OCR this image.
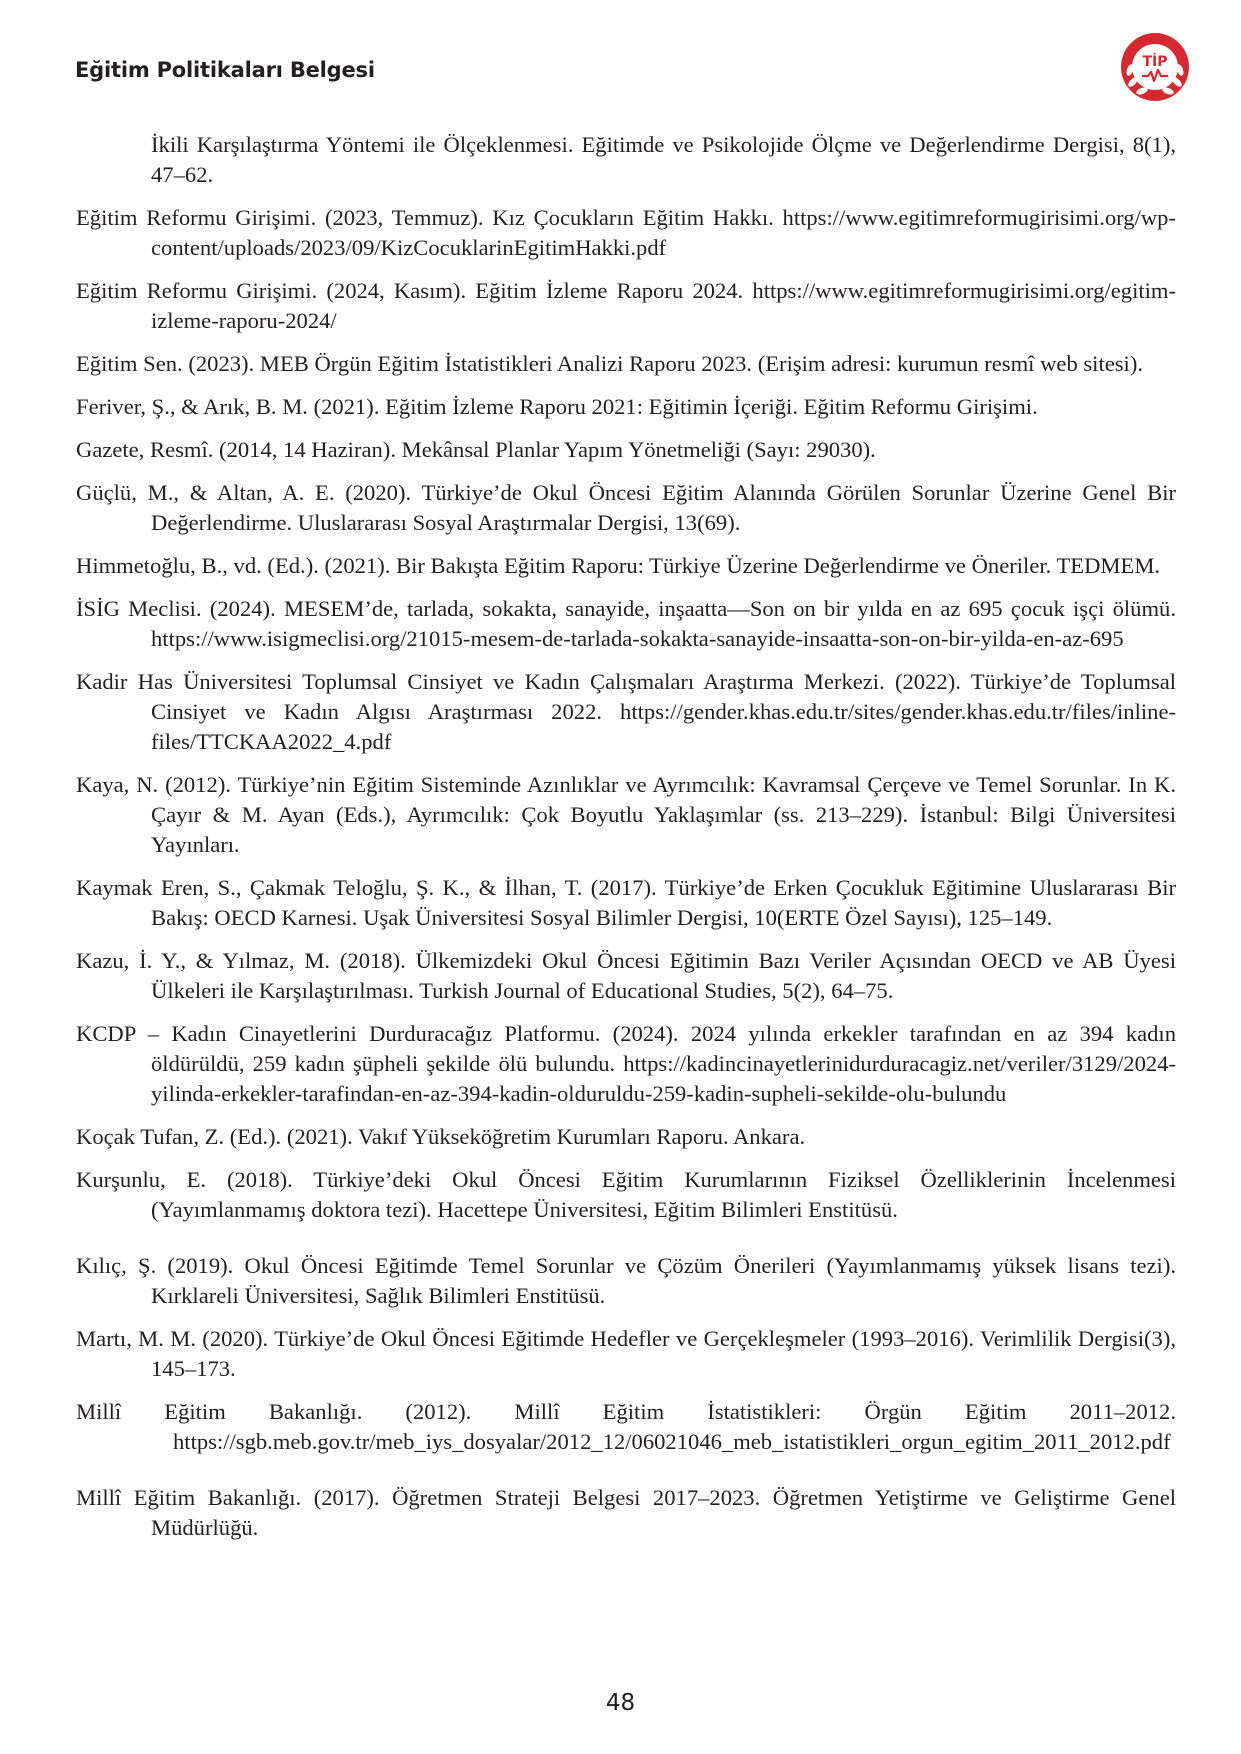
Eğitim Politikaları Belgesi	TİP

İkili Karşılaştırma Yöntemi ile Ölçeklenmesi. Eğitimde ve Psikolojide Ölçme ve Değerlendirme Dergisi, 8(1), 47–62.

Eğitim Reformu Girişimi. (2023, Temmuz). Kız Çocukların Eğitim Hakkı. https://www.egitimreformugirisimi.org/wp-content/uploads/2023/09/KizCocuklarinEgitimHakki.pdf

Eğitim Reformu Girişimi. (2024, Kasım). Eğitim İzleme Raporu 2024. https://www.egitimreformugirisimi.org/egitim-izleme-raporu-2024/

Eğitim Sen. (2023). MEB Örgün Eğitim İstatistikleri Analizi Raporu 2023. (Erişim adresi: kurumun resmî web sitesi).

Feriver, Ş., & Arık, B. M. (2021). Eğitim İzleme Raporu 2021: Eğitimin İçeriği. Eğitim Reformu Girişimi.

Gazete, Resmî. (2014, 14 Haziran). Mekânsal Planlar Yapım Yönetmeliği (Sayı: 29030).

Güçlü, M., & Altan, A. E. (2020). Türkiye’de Okul Öncesi Eğitim Alanında Görülen Sorunlar Üzerine Genel Bir Değerlendirme. Uluslararası Sosyal Araştırmalar Dergisi, 13(69).

Himmetoğlu, B., vd. (Ed.). (2021). Bir Bakışta Eğitim Raporu: Türkiye Üzerine Değerlendirme ve Öneriler. TEDMEM.

İSİG Meclisi. (2024). MESEM’de, tarlada, sokakta, sanayide, inşaatta—Son on bir yılda en az 695 çocuk işçi ölümü. https://www.isigmeclisi.org/21015-mesem-de-tarlada-sokakta-sanayide-insaatta-son-on-bir-yilda-en-az-695

Kadir Has Üniversitesi Toplumsal Cinsiyet ve Kadın Çalışmaları Araştırma Merkezi. (2022). Türkiye’de Toplumsal Cinsiyet ve Kadın Algısı Araştırması 2022. https://gender.khas.edu.tr/sites/gender.khas.edu.tr/files/inline-files/TTCKAA2022_4.pdf

Kaya, N. (2012). Türkiye’nin Eğitim Sisteminde Azınlıklar ve Ayrımcılık: Kavramsal Çerçeve ve Temel Sorunlar. In K. Çayır & M. Ayan (Eds.), Ayrımcılık: Çok Boyutlu Yaklaşımlar (ss. 213–229). İstanbul: Bilgi Üniversitesi Yayınları.

Kaymak Eren, S., Çakmak Teloğlu, Ş. K., & İlhan, T. (2017). Türkiye’de Erken Çocukluk Eğitimine Uluslararası Bir Bakış: OECD Karnesi. Uşak Üniversitesi Sosyal Bilimler Dergisi, 10(ERTE Özel Sayısı), 125–149.

Kazu, İ. Y., & Yılmaz, M. (2018). Ülkemizdeki Okul Öncesi Eğitimin Bazı Veriler Açısından OECD ve AB Üyesi Ülkeleri ile Karşılaştırılması. Turkish Journal of Educational Studies, 5(2), 64–75.

KCDP – Kadın Cinayetlerini Durduracağız Platformu. (2024). 2024 yılında erkekler tarafından en az 394 kadın öldürüldü, 259 kadın şüpheli şekilde ölü bulundu. https://kadincinayetlerinidurduracagiz.net/veriler/3129/2024-yilinda-erkekler-tarafindan-en-az-394-kadin-olduruldu-259-kadin-supheli-sekilde-olu-bulundu

Koçak Tufan, Z. (Ed.). (2021). Vakıf Yükseköğretim Kurumları Raporu. Ankara.

Kurşunlu, E. (2018). Türkiye’deki Okul Öncesi Eğitim Kurumlarının Fiziksel Özelliklerinin İncelenmesi (Yayımlanmamış doktora tezi). Hacettepe Üniversitesi, Eğitim Bilimleri Enstitüsü.

Kılıç, Ş. (2019). Okul Öncesi Eğitimde Temel Sorunlar ve Çözüm Önerileri (Yayımlanmamış yüksek lisans tezi). Kırklareli Üniversitesi, Sağlık Bilimleri Enstitüsü.

Martı, M. M. (2020). Türkiye’de Okul Öncesi Eğitimde Hedefler ve Gerçekleşmeler (1993–2016). Verimlilik Dergisi(3), 145–173.

Millî Eğitim Bakanlığı. (2012). Millî Eğitim İstatistikleri: Örgün Eğitim 2011–2012. https://sgb.meb.gov.tr/meb_iys_dosyalar/2012_12/06021046_meb_istatistikleri_orgun_egitim_2011_2012.pdf

Millî Eğitim Bakanlığı. (2017). Öğretmen Strateji Belgesi 2017–2023. Öğretmen Yetiştirme ve Geliştirme Genel Müdürlüğü.

48
